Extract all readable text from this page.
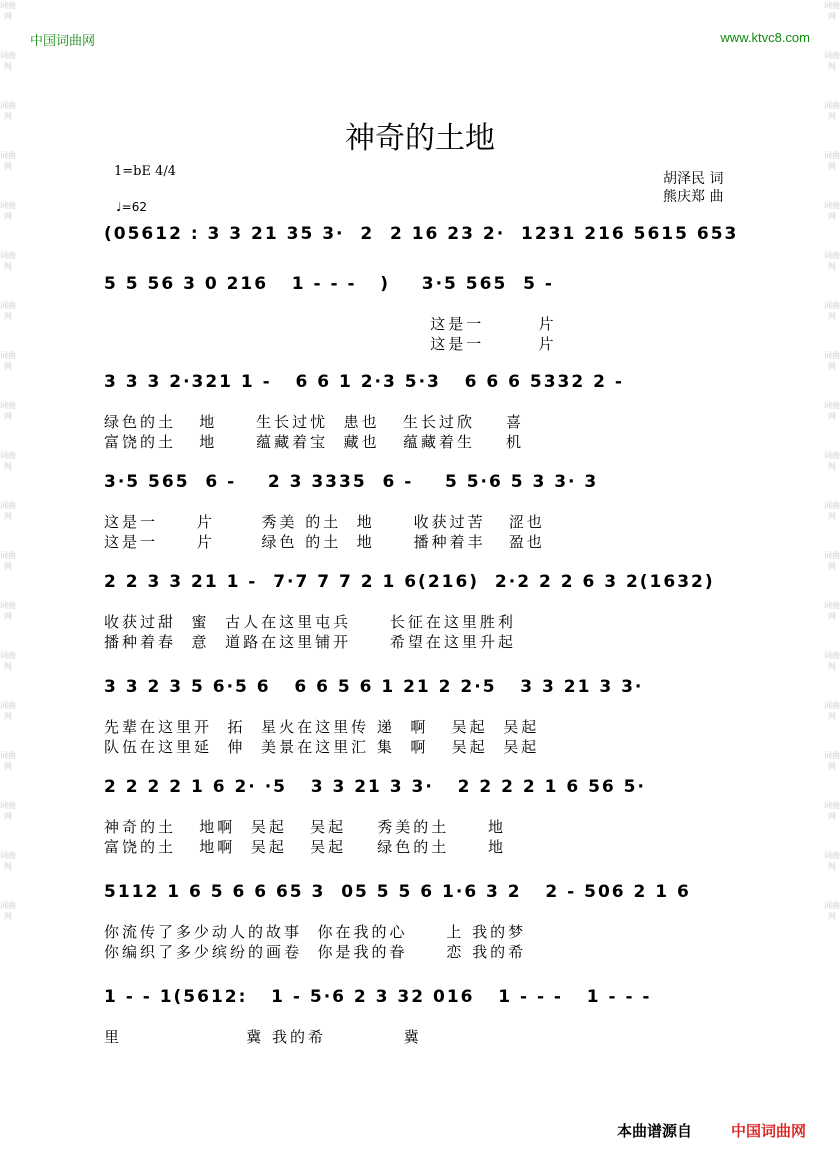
词曲网
词曲网
词曲网
词曲网
词曲网
词曲网
词曲网
词曲网
词曲网
词曲网
词曲网
词曲网
词曲网
词曲网
词曲网
词曲网
词曲网
词曲网
词曲网
词曲网
词曲网
词曲网
词曲网
词曲网
词曲网
词曲网
词曲网
词曲网
词曲网
词曲网
词曲网
词曲网
词曲网
词曲网
词曲网
词曲网
词曲网
词曲网
中国词曲网	www.ktvc8.com
神奇的土地
1=bE 4/4
♩=62
胡泽民 词
熊庆郑 曲
(05612 : 3 3 21 35 3·  2  2 16 23 2·  1231 216 5615 653
5 5 56 3 0 216   1 - - -   )    3·5 565  5 -
这是一       片
这是一       片
3 3 3 2·321 1 -   6 6 1 2·3 5·3   6 6 6 5332 2 -
绿色的土   地     生长过忧  患也   生长过欣    喜
富饶的土   地     蕴藏着宝  藏也   蕴藏着生    机
3·5 565  6 -    2 3 3335  6 -    5 5·6 5 3 3· 3
这是一     片      秀美 的土  地     收获过苦   涩也
这是一     片      绿色 的土  地     播种着丰   盈也
2 2 3 3 21 1 -  7·7 7 7 2 1 6(216)  2·2 2 2 6 3 2(1632)
收获过甜  蜜  古人在这里屯兵     长征在这里胜利
播种着春  意  道路在这里铺开     希望在这里升起
3 3 2 3 5 6·5 6   6 6 5 6 1 21 2 2·5   3 3 21 3 3·
先辈在这里开  拓  星火在这里传 递  啊   吴起  吴起
队伍在这里延  伸  美景在这里汇 集  啊   吴起  吴起
2 2 2 2 1 6 2· ·5   3 3 21 3 3·   2 2 2 2 1 6 56 5·
神奇的土   地啊  吴起   吴起    秀美的土     地
富饶的土   地啊  吴起   吴起    绿色的土     地
5112 1 6 5 6 6 65 3  05 5 5 6 1·6 3 2   2 - 506 2 1 6
你流传了多少动人的故事  你在我的心     上 我的梦
你编织了多少缤纷的画卷  你是我的眷     恋 我的希
1 - - 1(5612:   1 - 5·6 2 3 32 016   1 - - -   1 - - -
里                冀 我的希          冀
本曲谱源自	中国词曲网
